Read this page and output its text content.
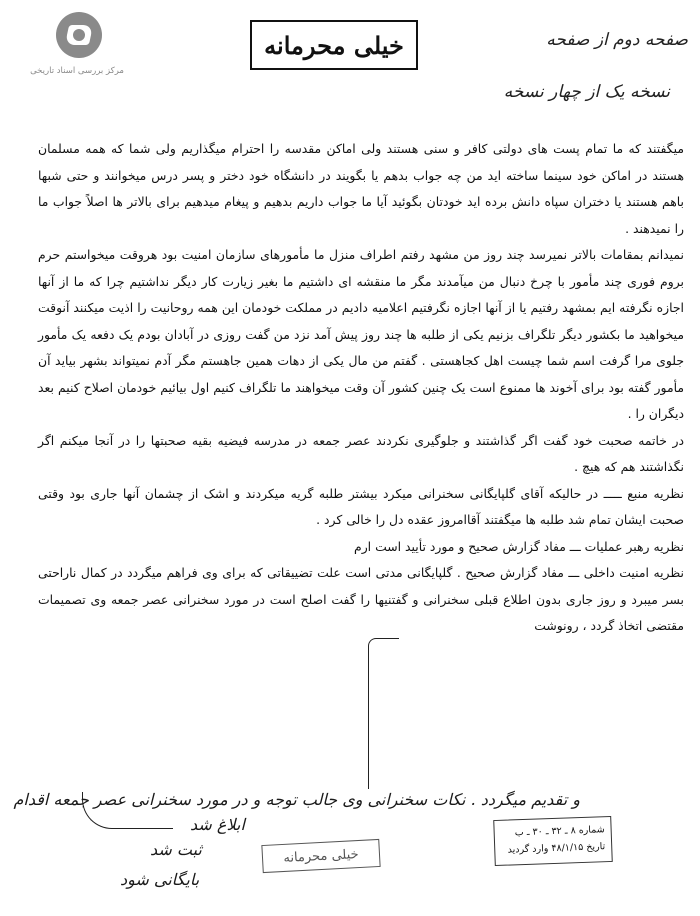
مرکز بررسی اسناد تاریخی
خیلی محرمانه	صفحه دوم از صفحه
نسخه یک از چهار نسخه

میگفتند که ما تمام پست های دولتی کافر و سنی هستند ولی اماکن مقدسه را احترام میگذاریم ولی شما که همه مسلمان هستند در اماکن خود سینما ساخته اید من چه جواب بدهم یا بگویند در دانشگاه خود دختر و پسر درس میخوانند و حتی شبها باهم هستند یا دختران سپاه دانش برده اید خودتان بگوئید آیا ما جواب داریم بدهیم و پیغام میدهیم برای بالاتر ها اصلاً جواب ما را نمیدهند .

نمیدانم بمقامات بالاتر نمیرسد چند روز من مشهد رفتم اطراف منزل ما مأمورهای سازمان امنیت بود هروقت میخواستم حرم بروم فوری چند مأمور با چرخ دنبال من میآمدند مگر ما منقشه ای داشتیم ما بغیر زیارت کار دیگر نداشتیم چرا که ما از آنها اجازه نگرفته ایم بمشهد رفتیم یا از آنها اجازه نگرفتیم اعلامیه دادیم در مملکت خودمان این همه روحانیت را اذیت میکنند آنوقت میخواهید ما بکشور دیگر تلگراف بزنیم یکی از طلبه ها چند روز پیش آمد نزد من گفت روزی در آبادان بودم یک دفعه یک مأمور جلوی مرا گرفت اسم شما چیست اهل کجاهستی . گفتم من مال یکی از دهات همین جاهستم مگر آدم نمیتواند بشهر بیاید آن مأمور گفته بود برای آخوند ها ممنوع است یک چنین کشور آن وقت میخواهند ما تلگراف کنیم اول بیائیم خودمان اصلاح کنیم بعد دیگران را .

در خاتمه صحبت خود گفت اگر گذاشتند و جلوگیری نکردند عصر جمعه در مدرسه فیضیه بقیه صحبتها را در آنجا میکنم اگر نگذاشتند هم که هیچ .

نظریه منبع ـــــ در حالیکه آقای گلپایگانی سخنرانی میکرد بیشتر طلبه گریه میکردند و اشک از چشمان آنها جاری بود وقتی صحبت ایشان تمام شد طلبه ها میگفتند آقاامروز عقده دل را خالی کرد .

نظریه رهبر عملیات ـــ مفاد گزارش صحیح و مورد تأیید است ارم

نظریه امنیت داخلی ـــ مفاد گزارش صحیح . گلپایگانی مدتی است علت تضییقاتی که برای وی فراهم میگردد در کمال ناراحتی بسر میبرد و روز جاری بدون اطلاع قبلی سخنرانی و گفتنیها را گفت اصلح است در مورد سخنرانی عصر جمعه وی تصمیمات مقتضی اتخاذ گردد ، رونوشت

و تقدیم میگردد . نکات سخنرانی وی جالب توجه و در مورد سخنرانی عصر جمعه اقدام
ابلاغ شد
ثبت شد
بایگانی شود
شماره ۸ ـ ۳۲ ـ ۳۰ ـ ب
تاریخ ۴۸/۱/۱۵ وارد گردید
خیلی محرمانه
